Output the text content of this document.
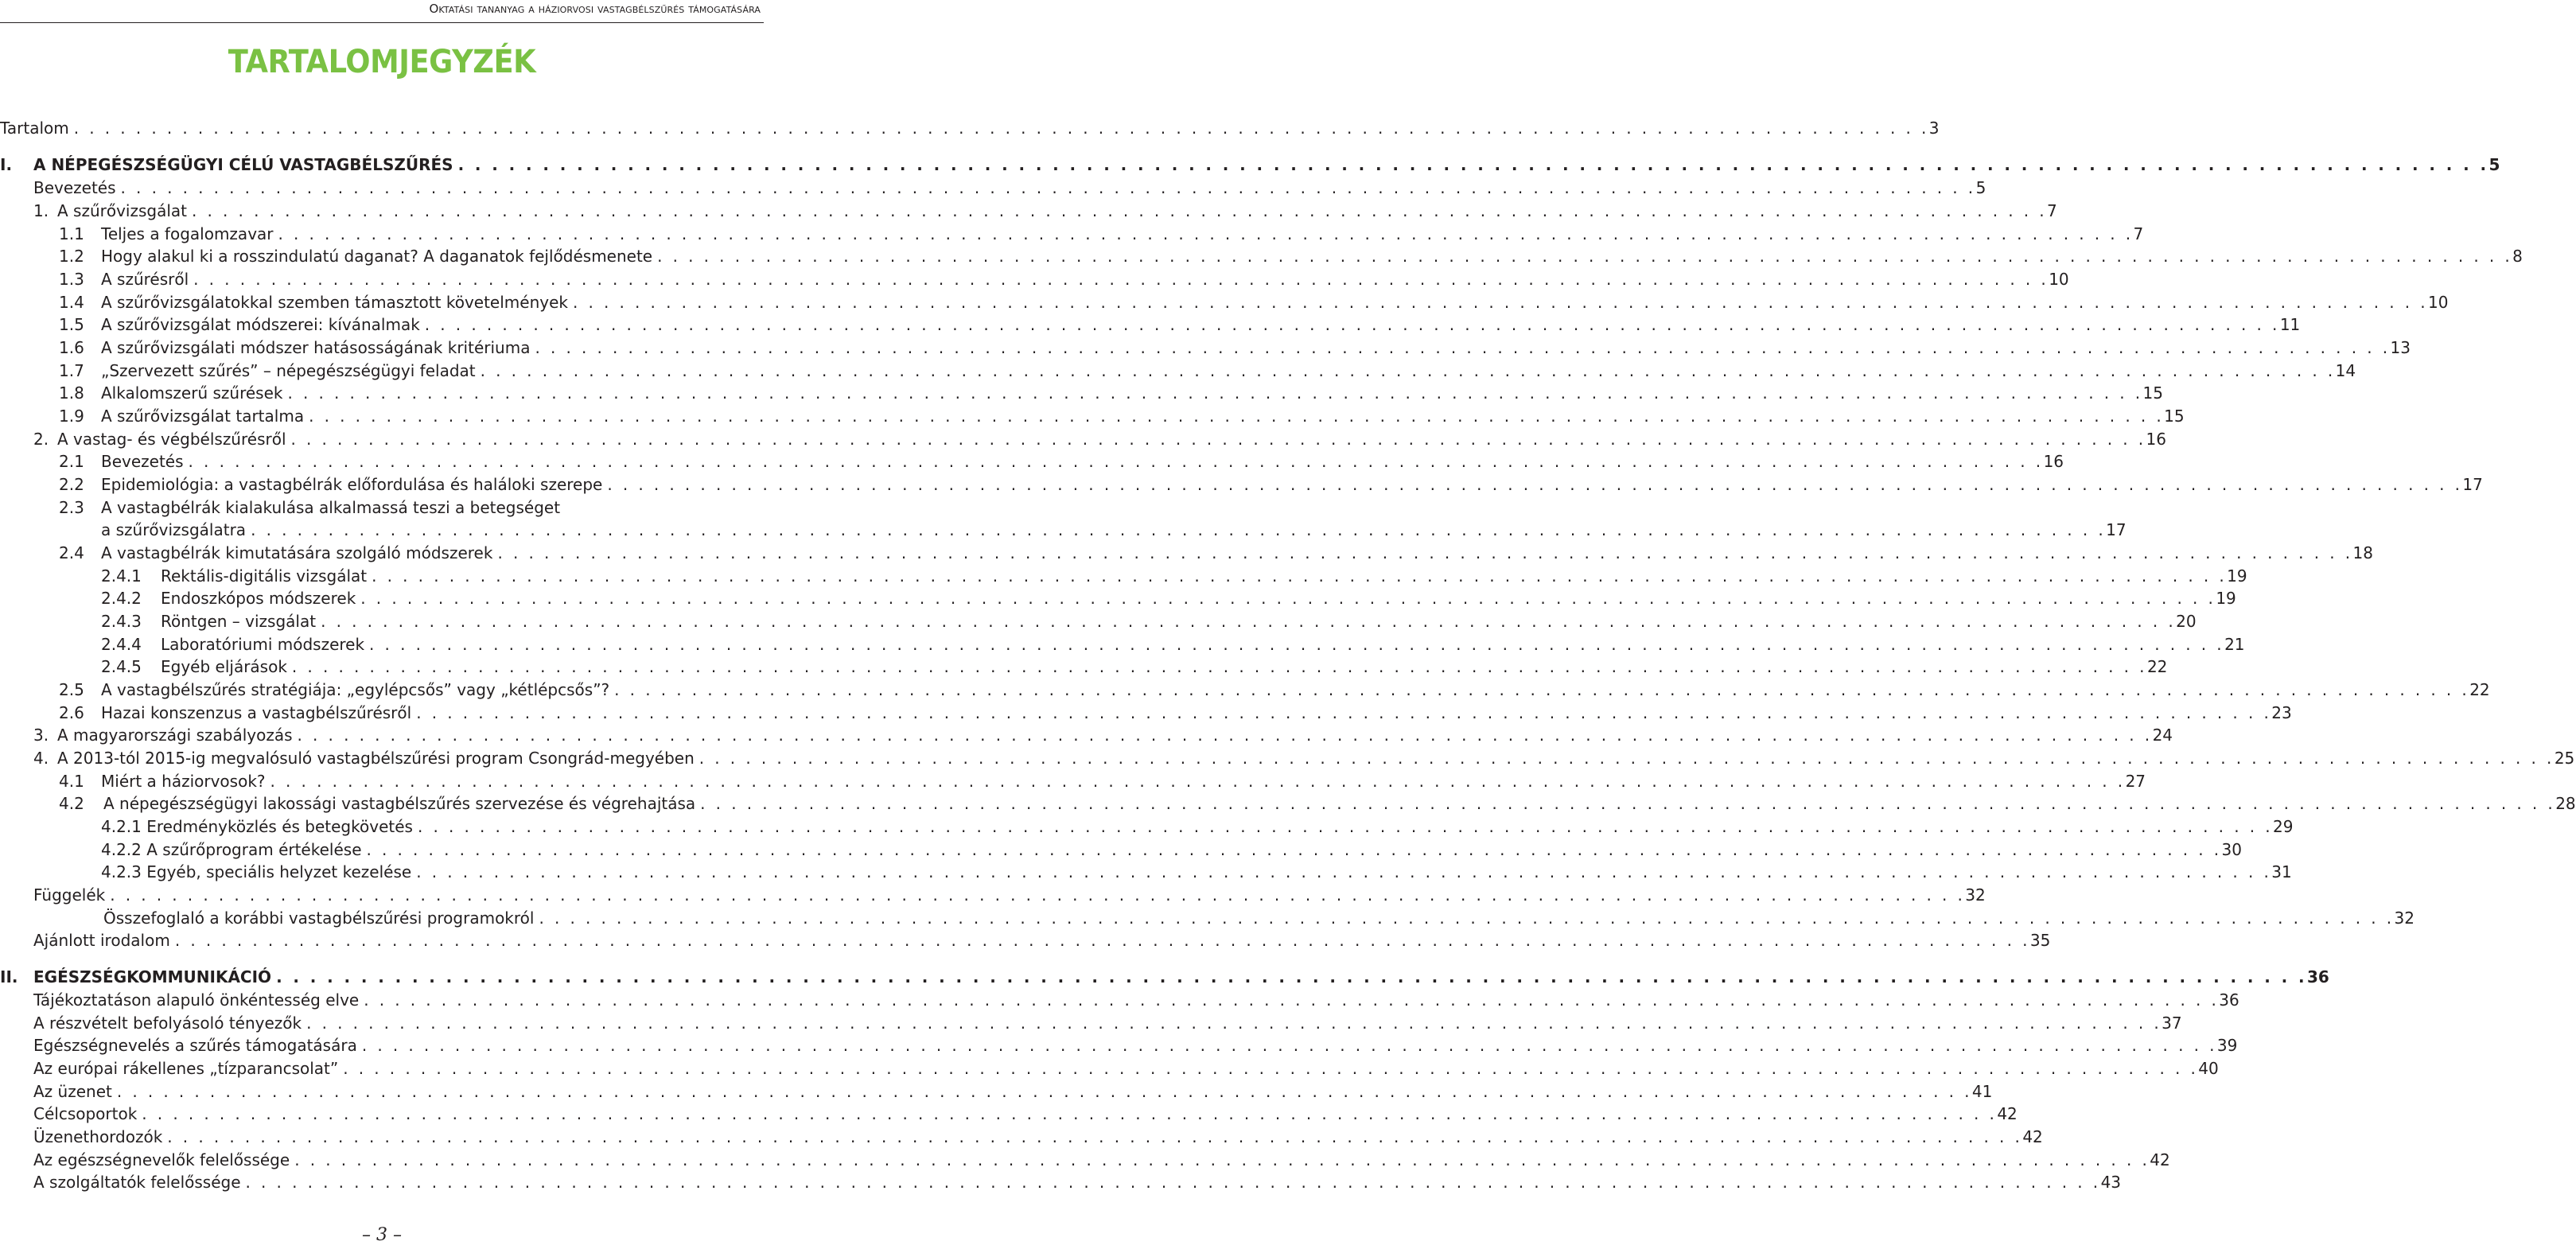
Oktatási tananyag a háziorvosi vastagbélszűrés támogatására
TARTALOMJEGYZÉK
Tartalom . . . . . . . . . . . . . . . . . . . . . . . . . . . . . . . . . . . . . . . . . . . . . . . . . . . . . . . . . . . . . . . . . . . . . . . . . . . . . . . . . . . . . . . . . . . . . . . . . . . . . . . . . . . . . . . . . . . . . . . . 3
I. A NÉPEGÉSZSÉGÜGYI CÉLÚ VASTAGBÉLSZŰRÉS . . . . . . . . . . . . . . . . . . . . . . . . . . . . . . . . . . . . . . . . . . . . . . . . . . . . . . . . . . . . . . . . . . . . . . . . . . . . . . . . . . . . . . . . . . . . . . . . . . . . . . . . . . . . . . . . . . . . . . . . 5
Bevezetés . . . . . . . . . . . . . . . . . . . . . . . . . . . . . . . . . . . . . . . . . . . . . . . . . . . . . . . . . . . . . . . . . . . . . . . . . . . . . . . . . . . . . . . . . . . . . . . . . . . . . . . . . . . . . . . . . . . . . . . . 5
1. A szűrővizsgálat . . . . . . . . . . . . . . . . . . . . . . . . . . . . . . . . . . . . . . . . . . . . . . . . . . . . . . . . . . . . . . . . . . . . . . . . . . . . . . . . . . . . . . . . . . . . . . . . . . . . . . . . . . . . . . . . . . . . . . . . 7
1.1 Teljes a fogalomzavar . . . . . . . . . . . . . . . . . . . . . . . . . . . . . . . . . . . . . . . . . . . . . . . . . . . . . . . . . . . . . . . . . . . . . . . . . . . . . . . . . . . . . . . . . . . . . . . . . . . . . . . . . . . . . . . . . . . . . . . . 7
1.2 Hogy alakul ki a rosszindulatú daganat? A daganatok fejlődésmenete . . . . . . . . . . . . . . . . . . . . . . . . . . . . . . . . . . . . . . . . . . . . . . . . . . . . . . . . . . . . . . . . . . . . . . . . . . . . . . . . . . . . . . . . . . . . . . . . . . . . . . . . . . . . . . . . . . . . . . . . 8
1.3 A szűrésről . . . . . . . . . . . . . . . . . . . . . . . . . . . . . . . . . . . . . . . . . . . . . . . . . . . . . . . . . . . . . . . . . . . . . . . . . . . . . . . . . . . . . . . . . . . . . . . . . . . . . . . . . . . . . . . . . . . . . . . . 10
1.4 A szűrővizsgálatokkal szemben támasztott követelmények . . . . . . . . . . . . . . . . . . . . . . . . . . . . . . . . . . . . . . . . . . . . . . . . . . . . . . . . . . . . . . . . . . . . . . . . . . . . . . . . . . . . . . . . . . . . . . . . . . . . . . . . . . . . . . . . . . . . . . . . 10
1.5 A szűrővizsgálat módszerei: kívánalmak . . . . . . . . . . . . . . . . . . . . . . . . . . . . . . . . . . . . . . . . . . . . . . . . . . . . . . . . . . . . . . . . . . . . . . . . . . . . . . . . . . . . . . . . . . . . . . . . . . . . . . . . . . . . . . . . . . . . . . . . 11
1.6 A szűrővizsgálati módszer hatásosságának kritériuma . . . . . . . . . . . . . . . . . . . . . . . . . . . . . . . . . . . . . . . . . . . . . . . . . . . . . . . . . . . . . . . . . . . . . . . . . . . . . . . . . . . . . . . . . . . . . . . . . . . . . . . . . . . . . . . . . . . . . . . . 13
1.7 „Szervezett szűrés” – népegészségügyi feladat . . . . . . . . . . . . . . . . . . . . . . . . . . . . . . . . . . . . . . . . . . . . . . . . . . . . . . . . . . . . . . . . . . . . . . . . . . . . . . . . . . . . . . . . . . . . . . . . . . . . . . . . . . . . . . . . . . . . . . . . 14
1.8 Alkalomszerű szűrések . . . . . . . . . . . . . . . . . . . . . . . . . . . . . . . . . . . . . . . . . . . . . . . . . . . . . . . . . . . . . . . . . . . . . . . . . . . . . . . . . . . . . . . . . . . . . . . . . . . . . . . . . . . . . . . . . . . . . . . . 15
1.9 A szűrővizsgálat tartalma . . . . . . . . . . . . . . . . . . . . . . . . . . . . . . . . . . . . . . . . . . . . . . . . . . . . . . . . . . . . . . . . . . . . . . . . . . . . . . . . . . . . . . . . . . . . . . . . . . . . . . . . . . . . . . . . . . . . . . . . 15
2. A vastag- és végbélszűrésről . . . . . . . . . . . . . . . . . . . . . . . . . . . . . . . . . . . . . . . . . . . . . . . . . . . . . . . . . . . . . . . . . . . . . . . . . . . . . . . . . . . . . . . . . . . . . . . . . . . . . . . . . . . . . . . . . . . . . . . . 16
2.1 Bevezetés . . . . . . . . . . . . . . . . . . . . . . . . . . . . . . . . . . . . . . . . . . . . . . . . . . . . . . . . . . . . . . . . . . . . . . . . . . . . . . . . . . . . . . . . . . . . . . . . . . . . . . . . . . . . . . . . . . . . . . . . 16
2.2 Epidemiológia: a vastagbélrák előfordulása és haláloki szerepe . . . . . . . . . . . . . . . . . . . . . . . . . . . . . . . . . . . . . . . . . . . . . . . . . . . . . . . . . . . . . . . . . . . . . . . . . . . . . . . . . . . . . . . . . . . . . . . . . . . . . . . . . . . . . . . . . . . . . . . . 17
2.3 A vastagbélrák kialakulása alkalmassá teszi a betegséget
a szűrővizsgálatra . . . . . . . . . . . . . . . . . . . . . . . . . . . . . . . . . . . . . . . . . . . . . . . . . . . . . . . . . . . . . . . . . . . . . . . . . . . . . . . . . . . . . . . . . . . . . . . . . . . . . . . . . . . . . . . . . . . . . . . . 17
2.4 A vastagbélrák kimutatására szolgáló módszerek . . . . . . . . . . . . . . . . . . . . . . . . . . . . . . . . . . . . . . . . . . . . . . . . . . . . . . . . . . . . . . . . . . . . . . . . . . . . . . . . . . . . . . . . . . . . . . . . . . . . . . . . . . . . . . . . . . . . . . . . 18
2.4.1 Rektális-digitális vizsgálat . . . . . . . . . . . . . . . . . . . . . . . . . . . . . . . . . . . . . . . . . . . . . . . . . . . . . . . . . . . . . . . . . . . . . . . . . . . . . . . . . . . . . . . . . . . . . . . . . . . . . . . . . . . . . . . . . . . . . . . . 19
2.4.2 Endoszkópos módszerek . . . . . . . . . . . . . . . . . . . . . . . . . . . . . . . . . . . . . . . . . . . . . . . . . . . . . . . . . . . . . . . . . . . . . . . . . . . . . . . . . . . . . . . . . . . . . . . . . . . . . . . . . . . . . . . . . . . . . . . . 19
2.4.3 Röntgen – vizsgálat . . . . . . . . . . . . . . . . . . . . . . . . . . . . . . . . . . . . . . . . . . . . . . . . . . . . . . . . . . . . . . . . . . . . . . . . . . . . . . . . . . . . . . . . . . . . . . . . . . . . . . . . . . . . . . . . . . . . . . . . 20
2.4.4 Laboratóriumi módszerek . . . . . . . . . . . . . . . . . . . . . . . . . . . . . . . . . . . . . . . . . . . . . . . . . . . . . . . . . . . . . . . . . . . . . . . . . . . . . . . . . . . . . . . . . . . . . . . . . . . . . . . . . . . . . . . . . . . . . . . . 21
2.4.5 Egyéb eljárások . . . . . . . . . . . . . . . . . . . . . . . . . . . . . . . . . . . . . . . . . . . . . . . . . . . . . . . . . . . . . . . . . . . . . . . . . . . . . . . . . . . . . . . . . . . . . . . . . . . . . . . . . . . . . . . . . . . . . . . . 22
2.5 A vastagbélszűrés stratégiája: „egylépcsős” vagy „kétlépcsős”? . . . . . . . . . . . . . . . . . . . . . . . . . . . . . . . . . . . . . . . . . . . . . . . . . . . . . . . . . . . . . . . . . . . . . . . . . . . . . . . . . . . . . . . . . . . . . . . . . . . . . . . . . . . . . . . . . . . . . . . . 22
2.6 Hazai konszenzus a vastagbélszűrésről . . . . . . . . . . . . . . . . . . . . . . . . . . . . . . . . . . . . . . . . . . . . . . . . . . . . . . . . . . . . . . . . . . . . . . . . . . . . . . . . . . . . . . . . . . . . . . . . . . . . . . . . . . . . . . . . . . . . . . . . 23
3. A magyarországi szabályozás . . . . . . . . . . . . . . . . . . . . . . . . . . . . . . . . . . . . . . . . . . . . . . . . . . . . . . . . . . . . . . . . . . . . . . . . . . . . . . . . . . . . . . . . . . . . . . . . . . . . . . . . . . . . . . . . . . . . . . . . 24
4. A 2013-tól 2015-ig megvalósuló vastagbélszűrési program Csongrád-megyében . . . . . . . . . . . . . . . . . . . . . . . . . . . . . . . . . . . . . . . . . . . . . . . . . . . . . . . . . . . . . . . . . . . . . . . . . . . . . . . . . . . . . . . . . . . . . . . . . . . . . . . . . . . . . . . . . . . . . . . . 25
4.1 Miért a háziorvosok? . . . . . . . . . . . . . . . . . . . . . . . . . . . . . . . . . . . . . . . . . . . . . . . . . . . . . . . . . . . . . . . . . . . . . . . . . . . . . . . . . . . . . . . . . . . . . . . . . . . . . . . . . . . . . . . . . . . . . . . . 27
4.2 A népegészségügyi lakossági vastagbélszűrés szervezése és végrehajtása . . . . . . . . . . . . . . . . . . . . . . . . . . . . . . . . . . . . . . . . . . . . . . . . . . . . . . . . . . . . . . . . . . . . . . . . . . . . . . . . . . . . . . . . . . . . . . . . . . . . . . . . . . . . . . . . . . . . . . . . 28
4.2.1 Eredményközlés és betegkövetés . . . . . . . . . . . . . . . . . . . . . . . . . . . . . . . . . . . . . . . . . . . . . . . . . . . . . . . . . . . . . . . . . . . . . . . . . . . . . . . . . . . . . . . . . . . . . . . . . . . . . . . . . . . . . . . . . . . . . . . . 29
4.2.2 A szűrőprogram értékelése . . . . . . . . . . . . . . . . . . . . . . . . . . . . . . . . . . . . . . . . . . . . . . . . . . . . . . . . . . . . . . . . . . . . . . . . . . . . . . . . . . . . . . . . . . . . . . . . . . . . . . . . . . . . . . . . . . . . . . . . 30
4.2.3 Egyéb, speciális helyzet kezelése . . . . . . . . . . . . . . . . . . . . . . . . . . . . . . . . . . . . . . . . . . . . . . . . . . . . . . . . . . . . . . . . . . . . . . . . . . . . . . . . . . . . . . . . . . . . . . . . . . . . . . . . . . . . . . . . . . . . . . . . 31
Függelék . . . . . . . . . . . . . . . . . . . . . . . . . . . . . . . . . . . . . . . . . . . . . . . . . . . . . . . . . . . . . . . . . . . . . . . . . . . . . . . . . . . . . . . . . . . . . . . . . . . . . . . . . . . . . . . . . . . . . . . . 32
Összefoglaló a korábbi vastagbélszűrési programokról . . . . . . . . . . . . . . . . . . . . . . . . . . . . . . . . . . . . . . . . . . . . . . . . . . . . . . . . . . . . . . . . . . . . . . . . . . . . . . . . . . . . . . . . . . . . . . . . . . . . . . . . . . . . . . . . . . . . . . . . 32
Ajánlott irodalom . . . . . . . . . . . . . . . . . . . . . . . . . . . . . . . . . . . . . . . . . . . . . . . . . . . . . . . . . . . . . . . . . . . . . . . . . . . . . . . . . . . . . . . . . . . . . . . . . . . . . . . . . . . . . . . . . . . . . . . . 35
II. EGÉSZSÉGKOMMUNIKÁCIÓ . . . . . . . . . . . . . . . . . . . . . . . . . . . . . . . . . . . . . . . . . . . . . . . . . . . . . . . . . . . . . . . . . . . . . . . . . . . . . . . . . . . . . . . . . . . . . . . . . . . . . . . . . . . . . . . . . . . . . . . . 36
Tájékoztatáson alapuló önkéntesség elve . . . . . . . . . . . . . . . . . . . . . . . . . . . . . . . . . . . . . . . . . . . . . . . . . . . . . . . . . . . . . . . . . . . . . . . . . . . . . . . . . . . . . . . . . . . . . . . . . . . . . . . . . . . . . . . . . . . . . . . . 36
A részvételt befolyásoló tényezők . . . . . . . . . . . . . . . . . . . . . . . . . . . . . . . . . . . . . . . . . . . . . . . . . . . . . . . . . . . . . . . . . . . . . . . . . . . . . . . . . . . . . . . . . . . . . . . . . . . . . . . . . . . . . . . . . . . . . . . . 37
Egészségnevelés a szűrés támogatására . . . . . . . . . . . . . . . . . . . . . . . . . . . . . . . . . . . . . . . . . . . . . . . . . . . . . . . . . . . . . . . . . . . . . . . . . . . . . . . . . . . . . . . . . . . . . . . . . . . . . . . . . . . . . . . . . . . . . . . . 39
Az európai rákellenes „tízparancsolat” . . . . . . . . . . . . . . . . . . . . . . . . . . . . . . . . . . . . . . . . . . . . . . . . . . . . . . . . . . . . . . . . . . . . . . . . . . . . . . . . . . . . . . . . . . . . . . . . . . . . . . . . . . . . . . . . . . . . . . . . 40
Az üzenet . . . . . . . . . . . . . . . . . . . . . . . . . . . . . . . . . . . . . . . . . . . . . . . . . . . . . . . . . . . . . . . . . . . . . . . . . . . . . . . . . . . . . . . . . . . . . . . . . . . . . . . . . . . . . . . . . . . . . . . . 41
Célcsoportok . . . . . . . . . . . . . . . . . . . . . . . . . . . . . . . . . . . . . . . . . . . . . . . . . . . . . . . . . . . . . . . . . . . . . . . . . . . . . . . . . . . . . . . . . . . . . . . . . . . . . . . . . . . . . . . . . . . . . . . . 42
Üzenethordozók . . . . . . . . . . . . . . . . . . . . . . . . . . . . . . . . . . . . . . . . . . . . . . . . . . . . . . . . . . . . . . . . . . . . . . . . . . . . . . . . . . . . . . . . . . . . . . . . . . . . . . . . . . . . . . . . . . . . . . . . 42
Az egészségnevelők felelőssége . . . . . . . . . . . . . . . . . . . . . . . . . . . . . . . . . . . . . . . . . . . . . . . . . . . . . . . . . . . . . . . . . . . . . . . . . . . . . . . . . . . . . . . . . . . . . . . . . . . . . . . . . . . . . . . . . . . . . . . . 42
A szolgáltatók felelőssége . . . . . . . . . . . . . . . . . . . . . . . . . . . . . . . . . . . . . . . . . . . . . . . . . . . . . . . . . . . . . . . . . . . . . . . . . . . . . . . . . . . . . . . . . . . . . . . . . . . . . . . . . . . . . . . . . . . . . . . . 43
– 3 –
